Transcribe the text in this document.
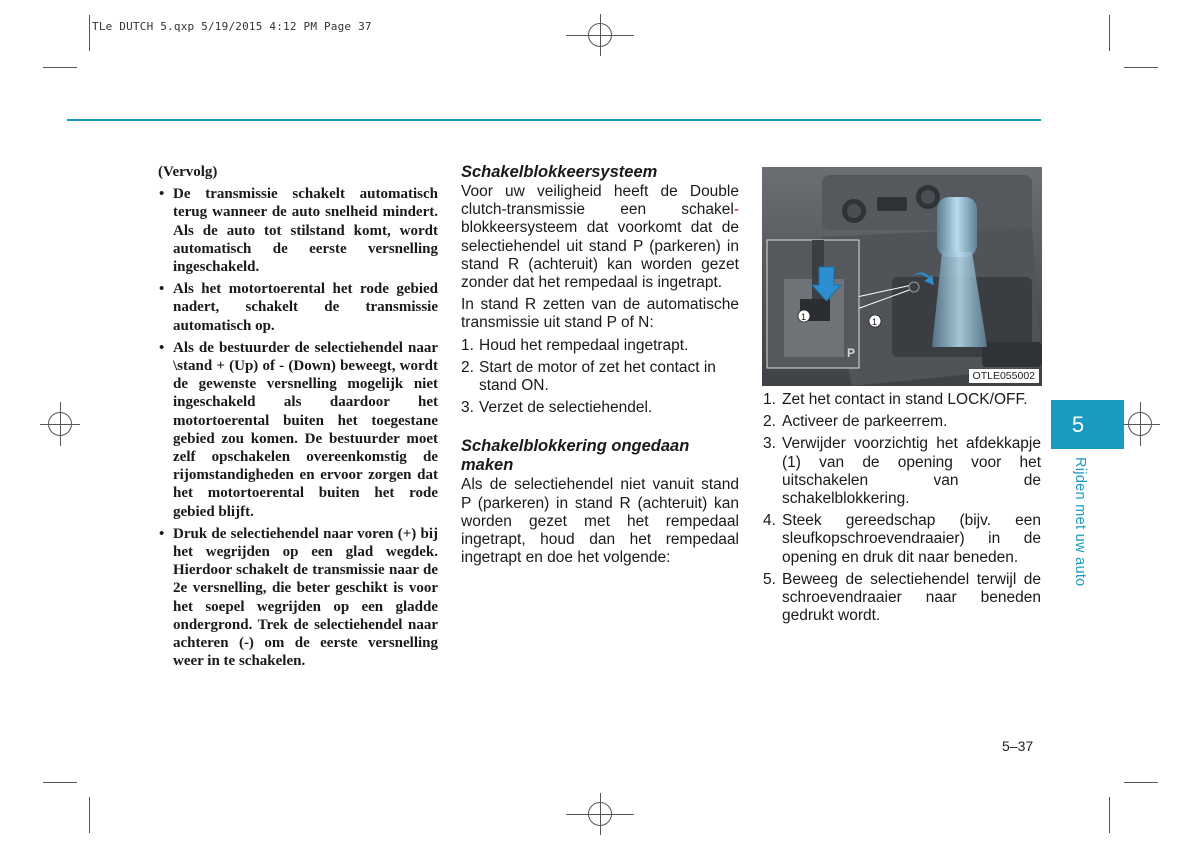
TLe DUTCH 5.qxp 5/19/2015 4:12 PM Page 37
(Vervolg)
• De transmissie schakelt automatisch terug wanneer de auto snelheid mindert. Als de auto tot stilstand komt, wordt automatisch de eerste versnelling ingeschakeld.
• Als het motortoerental het rode gebied nadert, schakelt de transmissie automatisch op.
• Als de bestuurder de selectiehendel naar \stand + (Up) of - (Down) beweegt, wordt de gewenste versnelling mogelijk niet ingeschakeld als daardoor het motortoerental buiten het toegestane gebied zou komen. De bestuurder moet zelf opschakelen overeenkomstig de rijomstandigheden en ervoor zorgen dat het motortoerental buiten het rode gebied blijft.
• Druk de selectiehendel naar voren (+) bij het wegrijden op een glad wegdek. Hierdoor schakelt de transmissie naar de 2e versnelling, die beter geschikt is voor het soepel wegrijden op een gladde ondergrond. Trek de selectiehendel naar achteren (-) om de eerste versnelling weer in te schakelen.
Schakelblokkeersysteem

Voor uw veiligheid heeft de Double clutch-transmissie een schakel- blokkeersysteem dat voorkomt dat de selectiehendel uit stand P (parkeren) in stand R (achteruit) kan worden gezet zonder dat het rempedaal is ingetrapt.

In stand R zetten van de automatische transmissie uit stand P of N:

1. Houd het rempedaal ingetrapt.
2. Start de motor of zet het contact in stand ON.
3. Verzet de selectiehendel.
Schakelblokkering ongedaan maken

Als de selectiehendel niet vanuit stand P (parkeren) in stand R (achteruit) kan worden gezet met het rempedaal ingetrapt, houd dan het rempedaal ingetrapt en doe het volgende:

P
1	1
OTLE055002
1. Zet het contact in stand LOCK/OFF.
2. Activeer de parkeerrem.
3. Verwijder voorzichtig het afdekkapje (1) van de opening voor het uitschakelen van de schakelblokkering.
4. Steek gereedschap (bijv. een sleufkopschroevendraaier) in de opening en druk dit naar beneden.
5. Beweeg de selectiehendel terwijl de schroevendraaier naar beneden gedrukt wordt.
5
Rijden met uw auto
5–37
